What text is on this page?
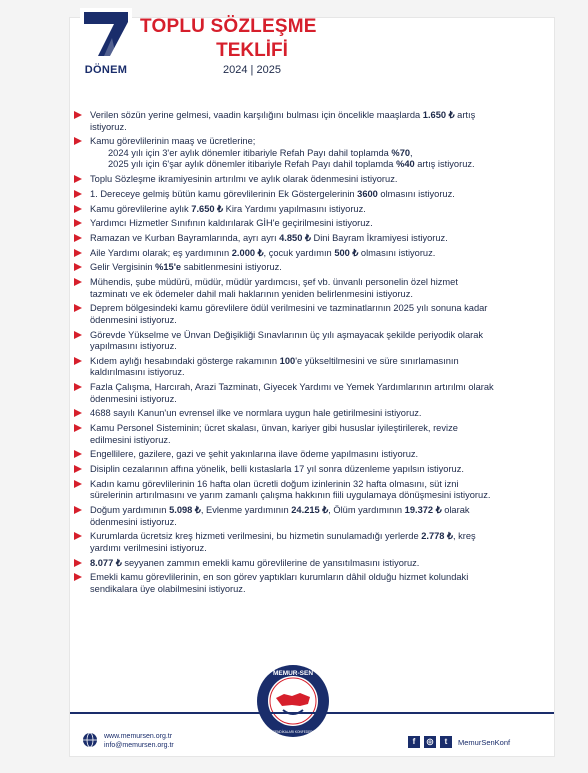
DÖNEM
TOPLU SÖZLEŞME
TEKLİFİ
2024 | 2025
Verilen sözün yerine gelmesi, vaadin karşılığını bulması için öncelikle maaşlarda 1.650 ₺ artış istiyoruz.
Kamu görevlilerinin maaş ve ücretlerine;
2024 yılı için 3'er aylık dönemler itibariyle Refah Payı dahil toplamda %70,
2025 yılı için 6'şar aylık dönemler itibariyle Refah Payı dahil toplamda %40 artış istiyoruz.
Toplu Sözleşme ikramiyesinin artırılmı ve aylık olarak ödenmesini istiyoruz.
1. Dereceye gelmiş bütün kamu görevlilerinin Ek Göstergelerinin 3600 olmasını istiyoruz.
Kamu görevlilerine aylık 7.650 ₺ Kira Yardımı yapılmasını istiyoruz.
Yardımcı Hizmetler Sınıfının kaldırılarak GİH'e geçirilmesini istiyoruz.
Ramazan ve Kurban Bayramlarında, ayrı ayrı 4.850 ₺ Dini Bayram İkramiyesi istiyoruz.
Aile Yardımı olarak; eş yardımının 2.000 ₺, çocuk yardımın 500 ₺ olmasını istiyoruz.
Gelir Vergisinin %15'e sabitlenmesini istiyoruz.
Mühendis, şube müdürü, müdür, müdür yardımcısı, şef vb. ünvanlı personelin özel hizmet tazminatı ve ek ödemeler dahil mali haklarının yeniden belirlenmesini istiyoruz.
Deprem bölgesindeki kamu görevlilere ödül verilmesini ve tazminatlarının 2025 yılı sonuna kadar ödenmesini istiyoruz.
Görevde Yükselme ve Ünvan Değişikliği Sınavlarının üç yılı aşmayacak şekilde periyodik olarak yapılmasını istiyoruz.
Kıdem aylığı hesabındaki gösterge rakamının 100'e yükseltilmesini ve süre sınırlamasının kaldırılmasını istiyoruz.
Fazla Çalışma, Harcırah, Arazi Tazminatı, Giyecek Yardımı ve Yemek Yardımlarının artırılmı olarak ödenmesini istiyoruz.
4688 sayılı Kanun'un evrensel ilke ve normlara uygun hale getirilmesini istiyoruz.
Kamu Personel Sisteminin; ücret skalası, ünvan, kariyer gibi hususlar iyileştirilerek, revize edilmesini istiyoruz.
Engellilere, gazilere, gazi ve şehit yakınlarına ilave ödeme yapılmasını istiyoruz.
Disiplin cezalarının affına yönelik, belli kıstaslarla 17 yıl sonra düzenleme yapılsın istiyoruz.
Kadın kamu görevlilerinin 16 hafta olan ücretli doğum izinlerinin 32 hafta olmasını, süt izni sürelerinin artırılmasını ve yarım zamanlı çalışma hakkının fiili uygulamaya dönüşmesini istiyoruz.
Doğum yardımının 5.098 ₺, Evlenme yardımının 24.215 ₺, Ölüm yardımının 19.372 ₺ olarak ödenmesini istiyoruz.
Kurumlarda ücretsiz kreş hizmeti verilmesini, bu hizmetin sunulamadığı yerlerde 2.778 ₺, kreş yardımı verilmesini istiyoruz.
8.077 ₺ seyyanen zammın emekli kamu görevlilerine de yansıtılmasını istiyoruz.
Emekli kamu görevlilerinin, en son görev yaptıkları kurumların dâhil olduğu hizmet kolundaki sendikalara üye olabilmesini istiyoruz.
MEMUR-SEN
MEMUR SENDİKALARI KONFEDERASYONU
www.memursen.org.tr
info@memursen.org.tr	f	◎	t	MemurSenKonf
